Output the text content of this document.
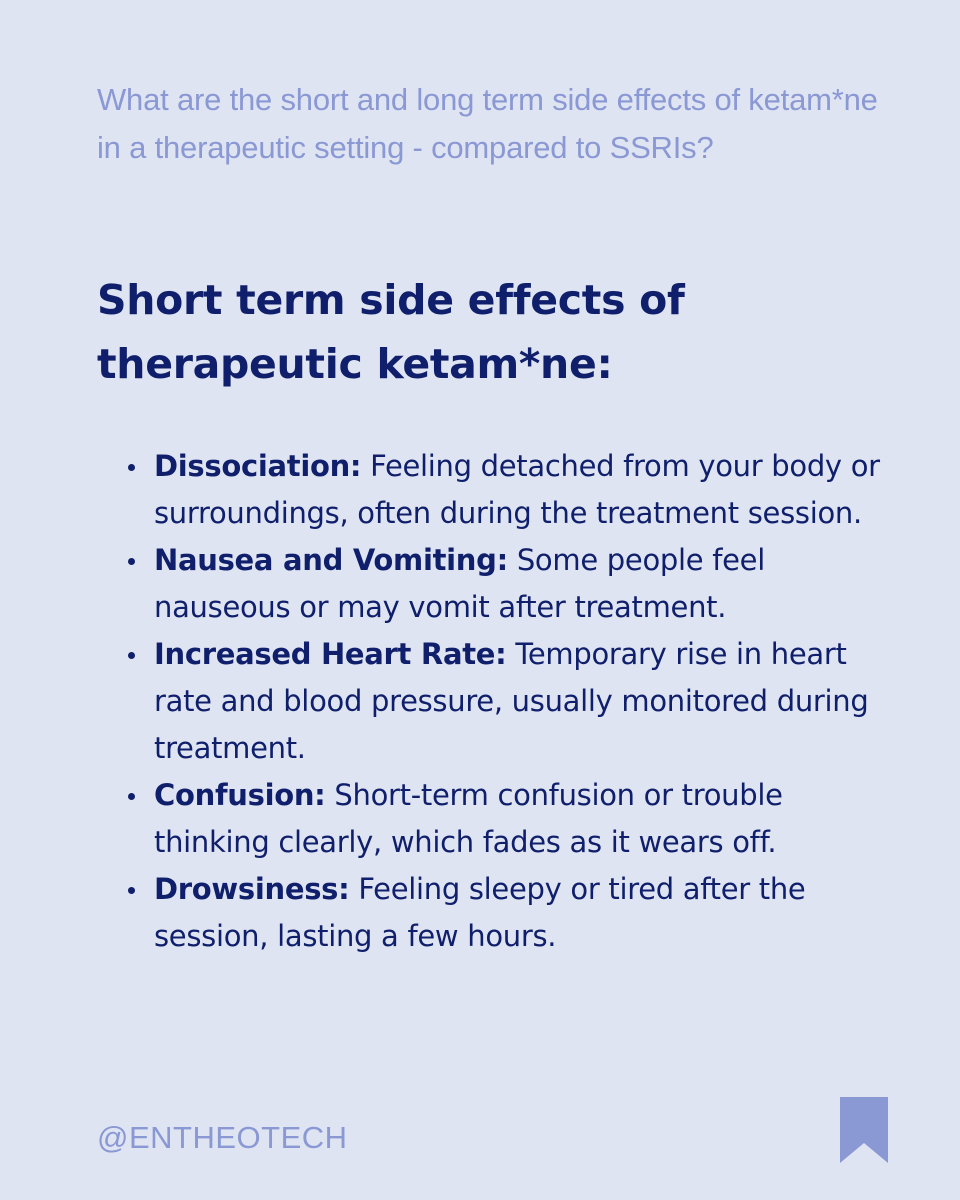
What are the short and long term side effects of ketam*ne in a therapeutic setting - compared to SSRIs?
Short term side effects of therapeutic ketam*ne:
Dissociation: Feeling detached from your body or surroundings, often during the treatment session.
Nausea and Vomiting: Some people feel nauseous or may vomit after treatment.
Increased Heart Rate: Temporary rise in heart rate and blood pressure, usually monitored during treatment.
Confusion: Short-term confusion or trouble thinking clearly, which fades as it wears off.
Drowsiness: Feeling sleepy or tired after the session, lasting a few hours.
@ENTHEOTECH
